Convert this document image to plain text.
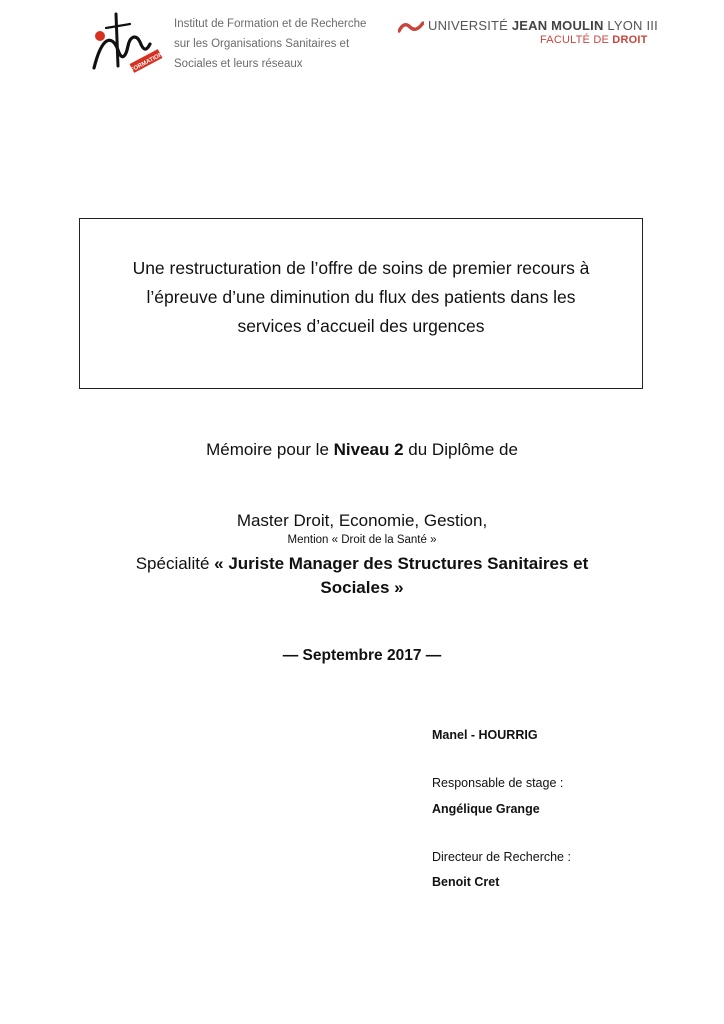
FORMATION
Institut de Formation et de Recherche
sur les Organisations Sanitaires et
Sociales et leurs réseaux
UNIVERSITÉ JEAN MOULIN LYON III
FACULTÉ DE DROIT
Une restructuration de l’offre de soins de premier recours à
l’épreuve d’une diminution du flux des patients dans les
services d’accueil des urgences
Mémoire pour le Niveau 2 du Diplôme de
Master Droit, Economie, Gestion,
Mention « Droit de la Santé »
Spécialité « Juriste Manager des Structures Sanitaires et
Sociales »
— Septembre 2017 —
Manel - HOURRIG
Responsable de stage :
Angélique Grange
Directeur de Recherche :
Benoit Cret
